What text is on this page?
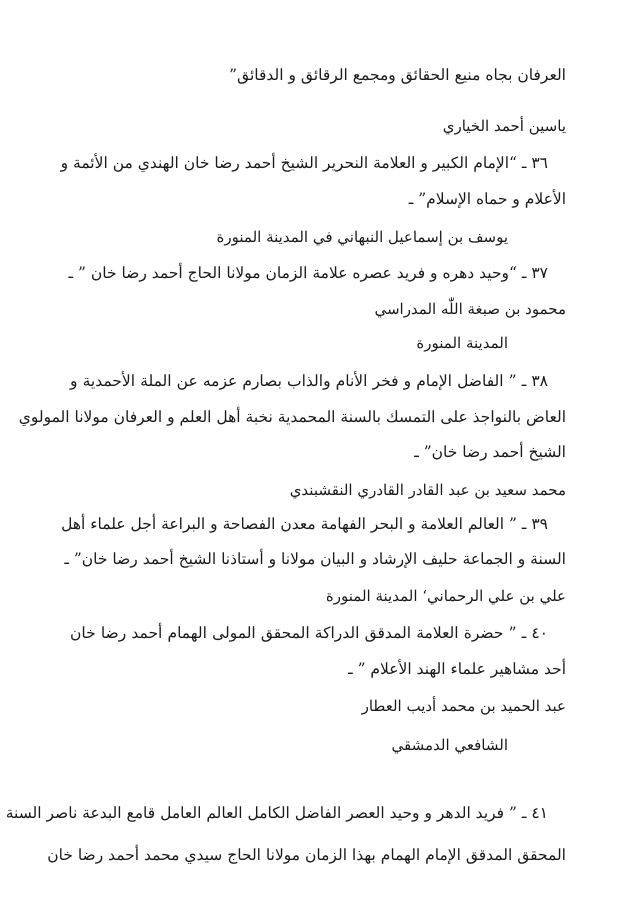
العرفان بجاه منيع الحقائق ومجمع الرقائق و الدقائق”
ياسين أحمد الخياري
٣٦ ـ “الإمام الكبير و العلامة النحرير الشيخ أحمد رضا خان الهندي من الأئمة و
الأعلام و حماه الإسلام” ـ
يوسف بن إسماعيل النبهاني في المدينة المنورة
٣٧ ـ “وحيد دهره و فريد عصره علامة الزمان مولانا الحاج أحمد رضا خان ” ـ
محمود بن صبغة اللّٰه المدراسي
المدينة المنورة
٣٨ ـ ” الفاضل الإمام و فخر الأنام والذاب بصارم عزمه عن الملة الأحمدية و
العاض بالنواجذ على التمسك بالسنة المحمدية نخبة أهل العلم و العرفان مولانا المولوي
الشيخ أحمد رضا خان” ـ
محمد سعيد بن عبد القادر القادري النقشبندي
٣٩ ـ ” العالم العلامة و البحر الفهامة معدن الفصاحة و البراعة أجل علماء أهل
السنة و الجماعة حليف الإرشاد و البيان مولانا و أستاذنا الشيخ أحمد رضا خان” ـ
علي بن علي الرحمانيʻ المدينة المنورة
٤٠ ـ ” حضرة العلامة المدقق الدراكة المحقق المولى الهمام أحمد رضا خان
أحد مشاهير علماء الهند الأعلام ” ـ
عبد الحميد بن محمد أديب العطار
الشافعي الدمشقي
٤١ ـ ” فريد الدهر و وحيد العصر الفاضل الكامل العالم العامل قامع البدعة ناصر السنة
المحقق المدقق الإمام الهمام بهذا الزمان مولانا الحاج سيدي محمد أحمد رضا خان
